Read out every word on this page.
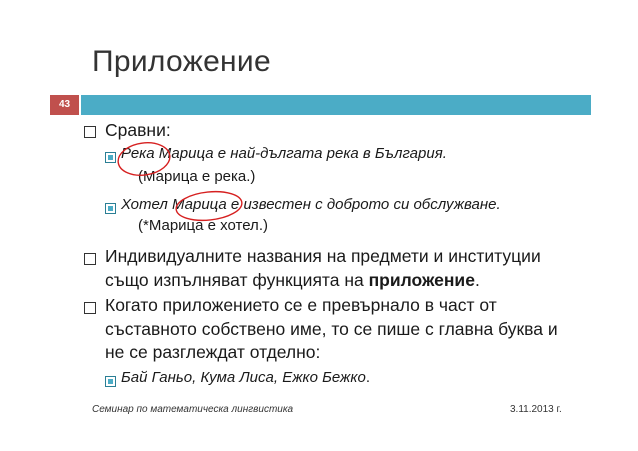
Приложение
43
Сравни:
Река Марица е най-дългата река в България.
(Марица е река.)
Хотел Марица е известен с доброто си обслужване.
(*Марица е хотел.)
Индивидуалните названия на предмети и институции
също изпълняват функцията на приложение.
Когато приложението се е превърнало в част от
съставното собствено име, то се пише с главна буква и
не се разглеждат отделно:
Бай Ганьо, Кума Лиса, Ежко Бежко.
Семинар по математическа лингвистика	3.11.2013 г.
